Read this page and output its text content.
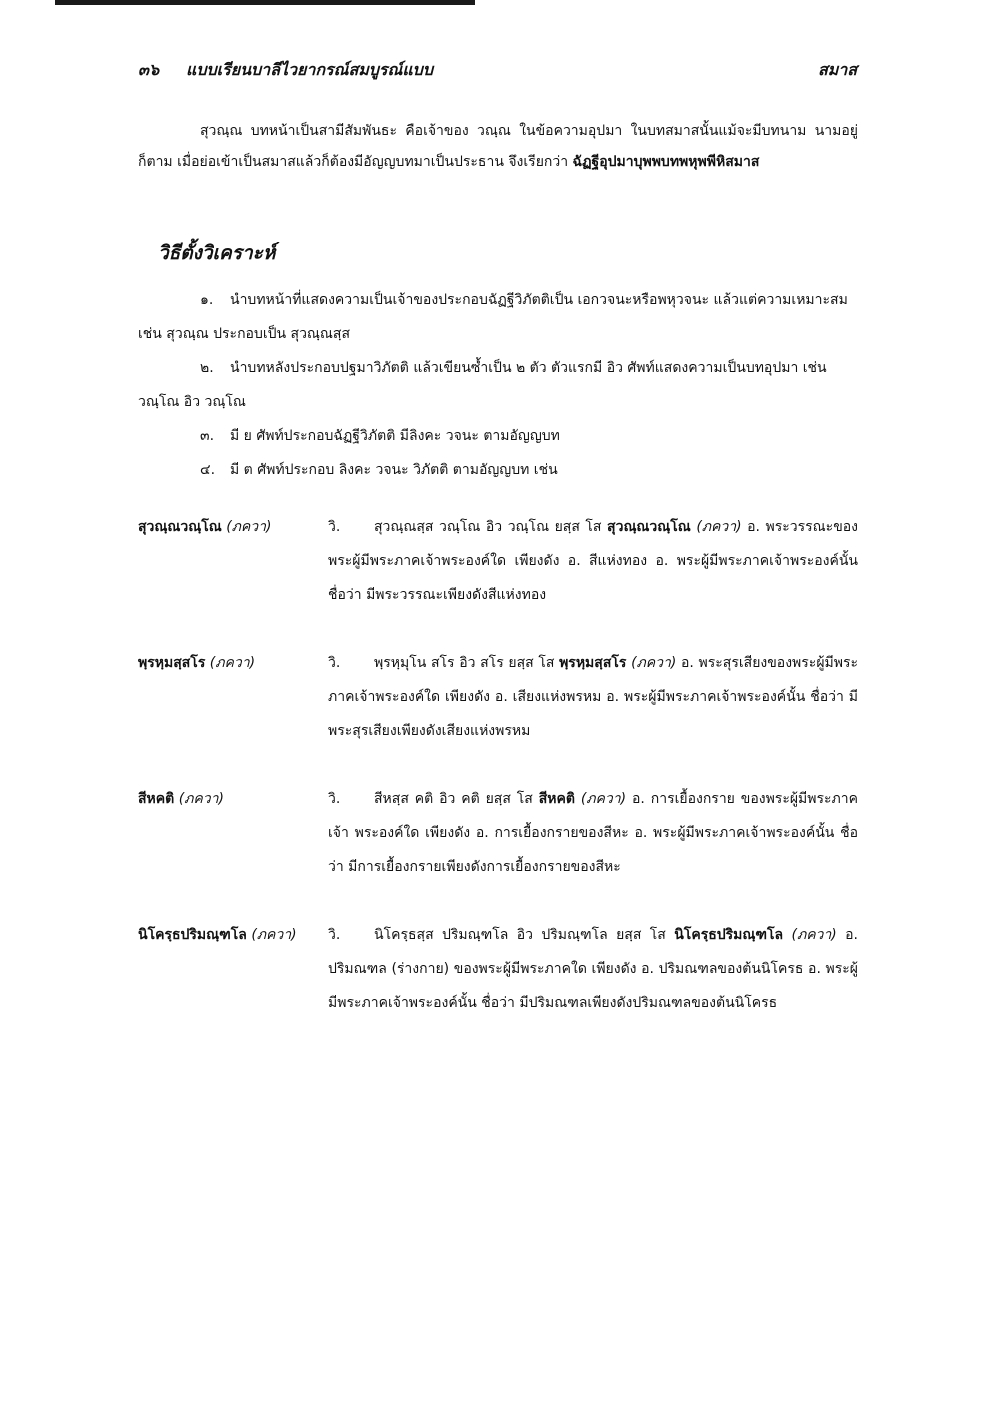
๓๖ แบบเรียนบาลีไวยากรณ์สมบูรณ์แบบ	สมาส

สุวณฺณ บทหน้าเป็นสามีสัมพันธะ คือเจ้าของ วณฺณ ในข้อความอุปมา ในบทสมาสนั้นแม้จะมีบทนาม นามอยู่ก็ตาม เมื่อย่อเข้าเป็นสมาสแล้วก็ต้องมีอัญญบทมาเป็นประธาน จึงเรียกว่า ฉัฏฐีอุปมาบุพพบทพหุพพีหิสมาส

วิธีตั้งวิเคราะห์
๑. นำบทหน้าที่แสดงความเป็นเจ้าของประกอบฉัฏฐีวิภัตติเป็น เอกวจนะหรือพหุวจนะ แล้วแต่ความเหมาะสม เช่น สุวณฺณ ประกอบเป็น สุวณฺณสฺส
๒. นำบทหลังประกอบปฐมาวิภัตติ แล้วเขียนซ้ำเป็น ๒ ตัว ตัวแรกมี อิว ศัพท์แสดงความเป็นบทอุปมา เช่น วณฺโณ อิว วณฺโณ
๓. มี ย ศัพท์ประกอบฉัฏฐีวิภัตติ มีลิงคะ วจนะ ตามอัญญบท
๔. มี ต ศัพท์ประกอบ ลิงคะ วจนะ วิภัตติ ตามอัญญบท เช่น
สุวณฺณวณฺโณ (ภควา)	วิ. สุวณฺณสฺส วณฺโณ อิว วณฺโณ ยสฺส โส สุวณฺณวณฺโณ (ภควา) อ. พระวรรณะของพระผู้มีพระภาคเจ้าพระองค์ใด เพียงดัง อ. สีแห่งทอง อ. พระผู้มีพระภาคเจ้าพระองค์นั้น ชื่อว่า มีพระวรรณะเพียงดังสีแห่งทอง
พฺรหฺมสฺสโร (ภควา)	วิ. พฺรหฺมุโน สโร อิว สโร ยสฺส โส พฺรหฺมสฺสโร (ภควา) อ. พระสุรเสียงของพระผู้มีพระภาคเจ้าพระองค์ใด เพียงดัง อ. เสียงแห่งพรหม อ. พระผู้มีพระภาคเจ้าพระองค์นั้น ชื่อว่า มีพระสุรเสียงเพียงดังเสียงแห่งพรหม
สีหคติ (ภควา)	วิ. สีหสฺส คติ อิว คติ ยสฺส โส สีหคติ (ภควา) อ. การเยื้องกราย ของพระผู้มีพระภาคเจ้า พระองค์ใด เพียงดัง อ. การเยื้องกรายของสีหะ อ. พระผู้มีพระภาคเจ้าพระองค์นั้น ชื่อว่า มีการเยื้องกรายเพียงดังการเยื้องกรายของสีหะ
นิโครฺธปริมณฺฑโล (ภควา)	วิ. นิโครฺธสฺส ปริมณฺฑโล อิว ปริมณฺฑโล ยสฺส โส นิโครฺธปริมณฺฑโล (ภควา) อ. ปริมณฑล (ร่างกาย) ของพระผู้มีพระภาคใด เพียงดัง อ. ปริมณฑลของต้นนิโครธ อ. พระผู้มีพระภาคเจ้าพระองค์นั้น ชื่อว่า มีปริมณฑลเพียงดังปริมณฑลของต้นนิโครธ
